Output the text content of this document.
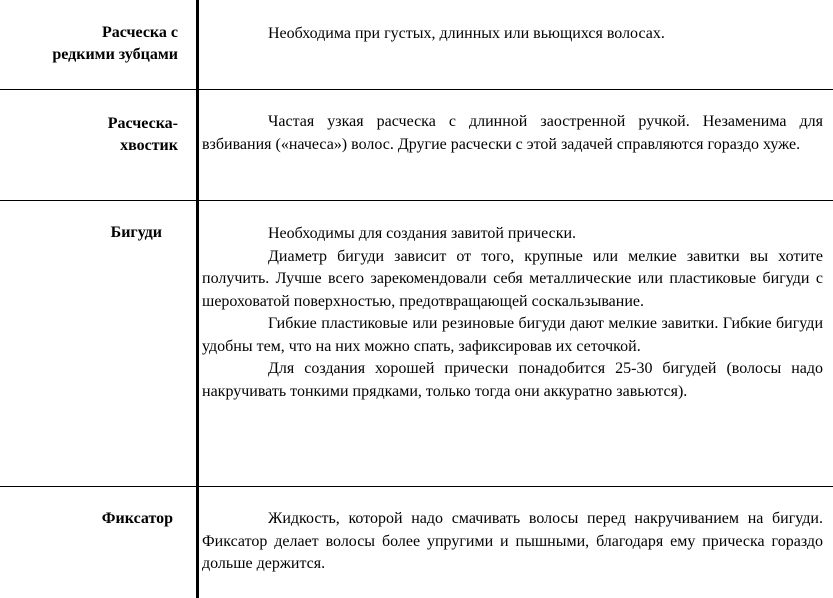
Расческа с
редкими зубцами

Необходима при густых, длинных или вьющихся волосах.

Расческа-
хвостик

Частая узкая расческа с длинной заостренной ручкой. Незаменима для взбивания («начеса») волос. Другие расчески с этой задачей справляются гораздо хуже.

Бигуди	Необходимы для создания завитой прически.

Диаметр бигуди зависит от того, крупные или мелкие завитки вы хотите получить. Лучше всего зарекомендовали себя металлические или пластиковые бигуди с шероховатой поверхностью, предотвращающей соскальзывание.

Гибкие пластиковые или резиновые бигуди дают мелкие завитки. Гибкие бигуди удобны тем, что на них можно спать, зафиксировав их сеточкой.

Для создания хорошей прически понадобится 25-30 бигудей (волосы надо накручивать тонкими прядками, только тогда они аккуратно завьются).

Фиксатор	Жидкость, которой надо смачивать волосы перед накручиванием на бигуди. Фиксатор делает волосы более упругими и пышными, благодаря ему прическа гораздо дольше держится.
